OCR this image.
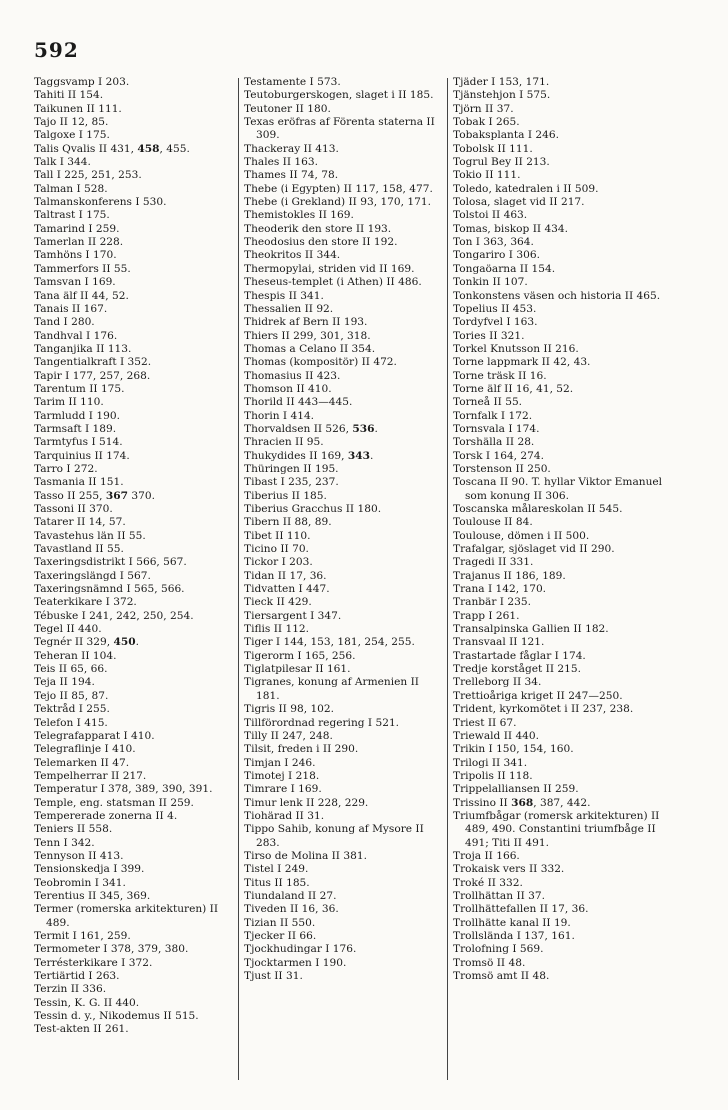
592
Taggsvamp I 203.
Tahiti II 154.
Taikunen II 111.
Tajo II 12, 85.
Talgoxe I 175.
Talis Qvalis II 431, 458, 455.
Talk I 344.
Tall I 225, 251, 253.
Talman I 528.
Talmanskonferens I 530.
Taltrast I 175.
Tamarind I 259.
Tamerlan II 228.
Tamhöns I 170.
Tammerfors II 55.
Tamsvan I 169.
Tana älf II 44, 52.
Tanais II 167.
Tand I 280.
Tandhval I 176.
Tanganjika II 113.
Tangentialkraft I 352.
Tapir I 177, 257, 268.
Tarentum II 175.
Tarim II 110.
Tarmludd I 190.
Tarmsaft I 189.
Tarmtyfus I 514.
Tarquinius II 174.
Tarro I 272.
Tasmania II 151.
Tasso II 255, 367 370.
Tassoni II 370.
Tatarer II 14, 57.
Tavastehus län II 55.
Tavastland II 55.
Taxeringsdistrikt I 566, 567.
Taxeringslängd I 567.
Taxeringsnämnd I 565, 566.
Teaterkikare I 372.
Tébuske I 241, 242, 250, 254.
Tegel II 440.
Tegnér II 329, 450.
Teheran II 104.
Teis II 65, 66.
Teja II 194.
Tejo II 85, 87.
Tektråd I 255.
Telefon I 415.
Telegrafapparat I 410.
Telegraflinje I 410.
Telemarken II 47.
Tempelherrar II 217.
Temperatur I 378, 389, 390, 391.
Temple, eng. statsman II 259.
Tempererade zonerna II 4.
Teniers II 558.
Tenn I 342.
Tennyson II 413.
Tensionskedja I 399.
Teobromin I 341.
Terentius II 345, 369.
Termer (romerska arkitekturen) II 489.
Termit I 161, 259.
Termometer I 378, 379, 380.
Terrésterkikare I 372.
Tertiärtid I 263.
Terzin II 336.
Tessin, K. G. II 440.
Tessin d. y., Nikodemus II 515.
Test-akten II 261.
Testamente I 573.
Teutoburgerskogen, slaget i II 185.
Teutoner II 180.
Texas eröfras af Förenta staterna II 309.
Thackeray II 413.
Thales II 163.
Thames II 74, 78.
Thebe (i Egypten) II 117, 158, 477.
Thebe (i Grekland) II 93, 170, 171.
Themistokles II 169.
Theoderik den store II 193.
Theodosius den store II 192.
Theokritos II 344.
Thermopylai, striden vid II 169.
Theseus-templet (i Athen) II 486.
Thespis II 341.
Thessalien II 92.
Thidrek af Bern II 193.
Thiers II 299, 301, 318.
Thomas a Celano II 354.
Thomas (kompositör) II 472.
Thomasius II 423.
Thomson II 410.
Thorild II 443—445.
Thorin I 414.
Thorvaldsen II 526, 536.
Thracien II 95.
Thukydides II 169, 343.
Thüringen II 195.
Tibast I 235, 237.
Tiberius II 185.
Tiberius Gracchus II 180.
Tibern II 88, 89.
Tibet II 110.
Ticino II 70.
Tickor I 203.
Tidan II 17, 36.
Tidvatten I 447.
Tieck II 429.
Tiersargent I 347.
Tiflis II 112.
Tiger I 144, 153, 181, 254, 255.
Tigerorm I 165, 256.
Tiglatpilesar II 161.
Tigranes, konung af Armenien II 181.
Tigris II 98, 102.
Tillförordnad regering I 521.
Tilly II 247, 248.
Tilsit, freden i II 290.
Timjan I 246.
Timotej I 218.
Timrare I 169.
Timur lenk II 228, 229.
Tiohärad II 31.
Tippo Sahib, konung af Mysore II 283.
Tirso de Molina II 381.
Tistel I 249.
Titus II 185.
Tiundaland II 27.
Tiveden II 16, 36.
Tizian II 550.
Tjecker II 66.
Tjockhudingar I 176.
Tjocktarmen I 190.
Tjust II 31.
Tjäder I 153, 171.
Tjänstehjon I 575.
Tjörn II 37.
Tobak I 265.
Tobaksplanta I 246.
Tobolsk II 111.
Togrul Bey II 213.
Tokio II 111.
Toledo, katedralen i II 509.
Tolosa, slaget vid II 217.
Tolstoi II 463.
Tomas, biskop II 434.
Ton I 363, 364.
Tongariro I 306.
Tongaöarna II 154.
Tonkin II 107.
Tonkonstens väsen och historia II 465.
Topelius II 453.
Tordyfvel I 163.
Tories II 321.
Torkel Knutsson II 216.
Torne lappmark II 42, 43.
Torne träsk II 16.
Torne älf II 16, 41, 52.
Torneå II 55.
Tornfalk I 172.
Tornsvala I 174.
Torshälla II 28.
Torsk I 164, 274.
Torstenson II 250.
Toscana II 90. T. hyllar Viktor Emanuel som konung II 306.
Toscanska målareskolan II 545.
Toulouse II 84.
Toulouse, dömen i II 500.
Trafalgar, sjöslaget vid II 290.
Tragedi II 331.
Trajanus II 186, 189.
Trana I 142, 170.
Tranbär I 235.
Trapp I 261.
Transalpinska Gallien II 182.
Transvaal II 121.
Trastartade fåglar I 174.
Tredje korståget II 215.
Trelleborg II 34.
Trettioåriga kriget II 247—250.
Trident, kyrkomötet i II 237, 238.
Triest II 67.
Triewald II 440.
Trikin I 150, 154, 160.
Trilogi II 341.
Tripolis II 118.
Trippelalliansen II 259.
Trissino II 368, 387, 442.
Triumfbågar (romersk arkitekturen) II 489, 490. Constantini triumfbåge II 491; Titi II 491.
Troja II 166.
Trokaisk vers II 332.
Troké II 332.
Trollhättan II 37.
Trollhättefallen II 17, 36.
Trollhätte kanal II 19.
Trollslända I 137, 161.
Trolofning I 569.
Tromsö II 48.
Tromsö amt II 48.
